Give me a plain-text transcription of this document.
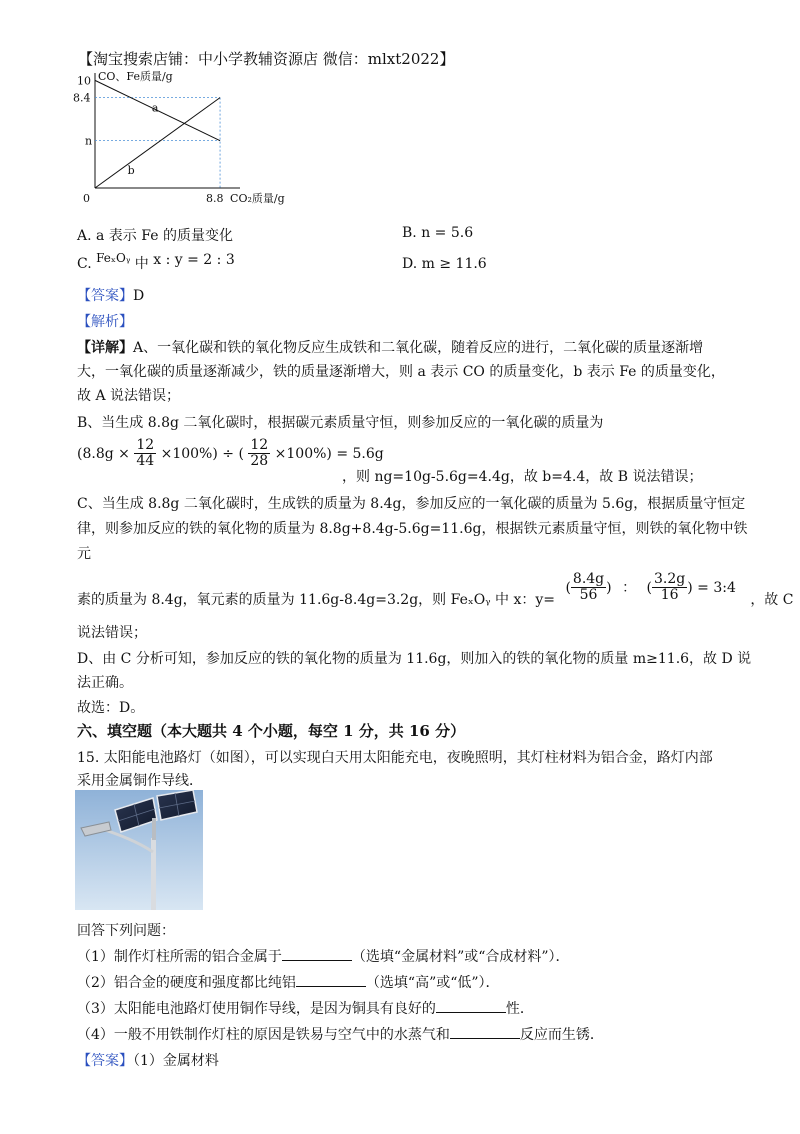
【淘宝搜索店铺：中小学教辅资源店 微信：mlxt2022】
a
b
10
8.4
n
0
CO、Fe质量/g
8.8 CO₂质量/g
A. a 表示 Fe 的质量变化	B. n = 5.6
C. FeₓOᵧ 中 x : y = 2 : 3	D. m ≥ 11.6
【答案】D
【解析】
【详解】A、一氧化碳和铁的氧化物反应生成铁和二氧化碳，随着反应的进行，二氧化碳的质量逐渐增
大，一氧化碳的质量逐渐减少，铁的质量逐渐增大，则 a 表示 CO 的质量变化，b 表示 Fe 的质量变化，
故 A 说法错误；
B、当生成 8.8g 二氧化碳时，根据碳元素质量守恒，则参加反应的一氧化碳的质量为
$(8.8g \times \frac{12}{44} \times 100\%)$ ÷ ( $\frac{12}{28} \times 100\%) = 5.6g$
，则 ng=10g-5.6g=4.4g，故 b=4.4，故 B 说法错误；
C、当生成 8.8g 二氧化碳时，生成铁的质量为 8.4g，参加反应的一氧化碳的质量为 5.6g，根据质量守恒定
律，则参加反应的铁的氧化物的质量为 8.8g+8.4g-5.6g=11.6g，根据铁元素质量守恒，则铁的氧化物中铁
元
素的质量为 8.4g，氧元素的质量为 11.6g-8.4g=3.2g，则 FeₓOᵧ 中 x：y= ( $\frac{8.4g}{56}$ ) ： ( $\frac{3.2g}{16}$ ) = 3:4 ，故 C
说法错误；
D、由 C 分析可知，参加反应的铁的氧化物的质量为 11.6g，则加入的铁的氧化物的质量 m≥11.6，故 D 说
法正确。
故选：D。
六、填空题（本大题共 4 个小题，每空 1 分，共 16 分）
15. 太阳能电池路灯（如图），可以实现白天用太阳能充电，夜晚照明，其灯柱材料为铝合金，路灯内部
采用金属铜作导线．
回答下列问题：
（1）制作灯柱所需的铝合金属于	（选填“金属材料”或“合成材料”）．
（2）铝合金的硬度和强度都比纯铝	（选填“高”或“低”）．
（3）太阳能电池路灯使用铜作导线，是因为铜具有良好的	性．
（4）一般不用铁制作灯柱的原因是铁易与空气中的水蒸气和	反应而生锈．
【答案】（1）金属材料
